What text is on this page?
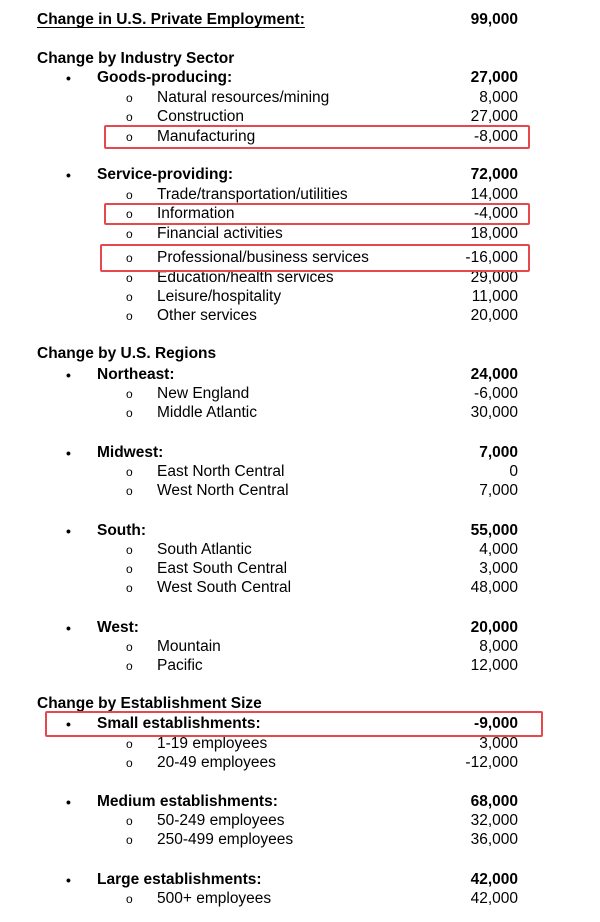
Change in U.S. Private Employment:	99,000
Change by Industry Sector
• Goods-producing:	27,000
o Natural resources/mining	8,000
o Construction	27,000
o Manufacturing	-8,000
• Service-providing:	72,000
o Trade/transportation/utilities	14,000
o Information	-4,000
o Financial activities	18,000
o Professional/business services	-16,000
o Education/health services	29,000
o Leisure/hospitality	11,000
o Other services	20,000
Change by U.S. Regions
• Northeast:	24,000
o New England	-6,000
o Middle Atlantic	30,000
• Midwest:	7,000
o East North Central	0
o West North Central	7,000
• South:	55,000
o South Atlantic	4,000
o East South Central	3,000
o West South Central	48,000
• West:	20,000
o Mountain	8,000
o Pacific	12,000
Change by Establishment Size
• Small establishments:	-9,000
o 1-19 employees	3,000
o 20-49 employees	-12,000
• Medium establishments:	68,000
o 50-249 employees	32,000
o 250-499 employees	36,000
• Large establishments:	42,000
o 500+ employees	42,000
